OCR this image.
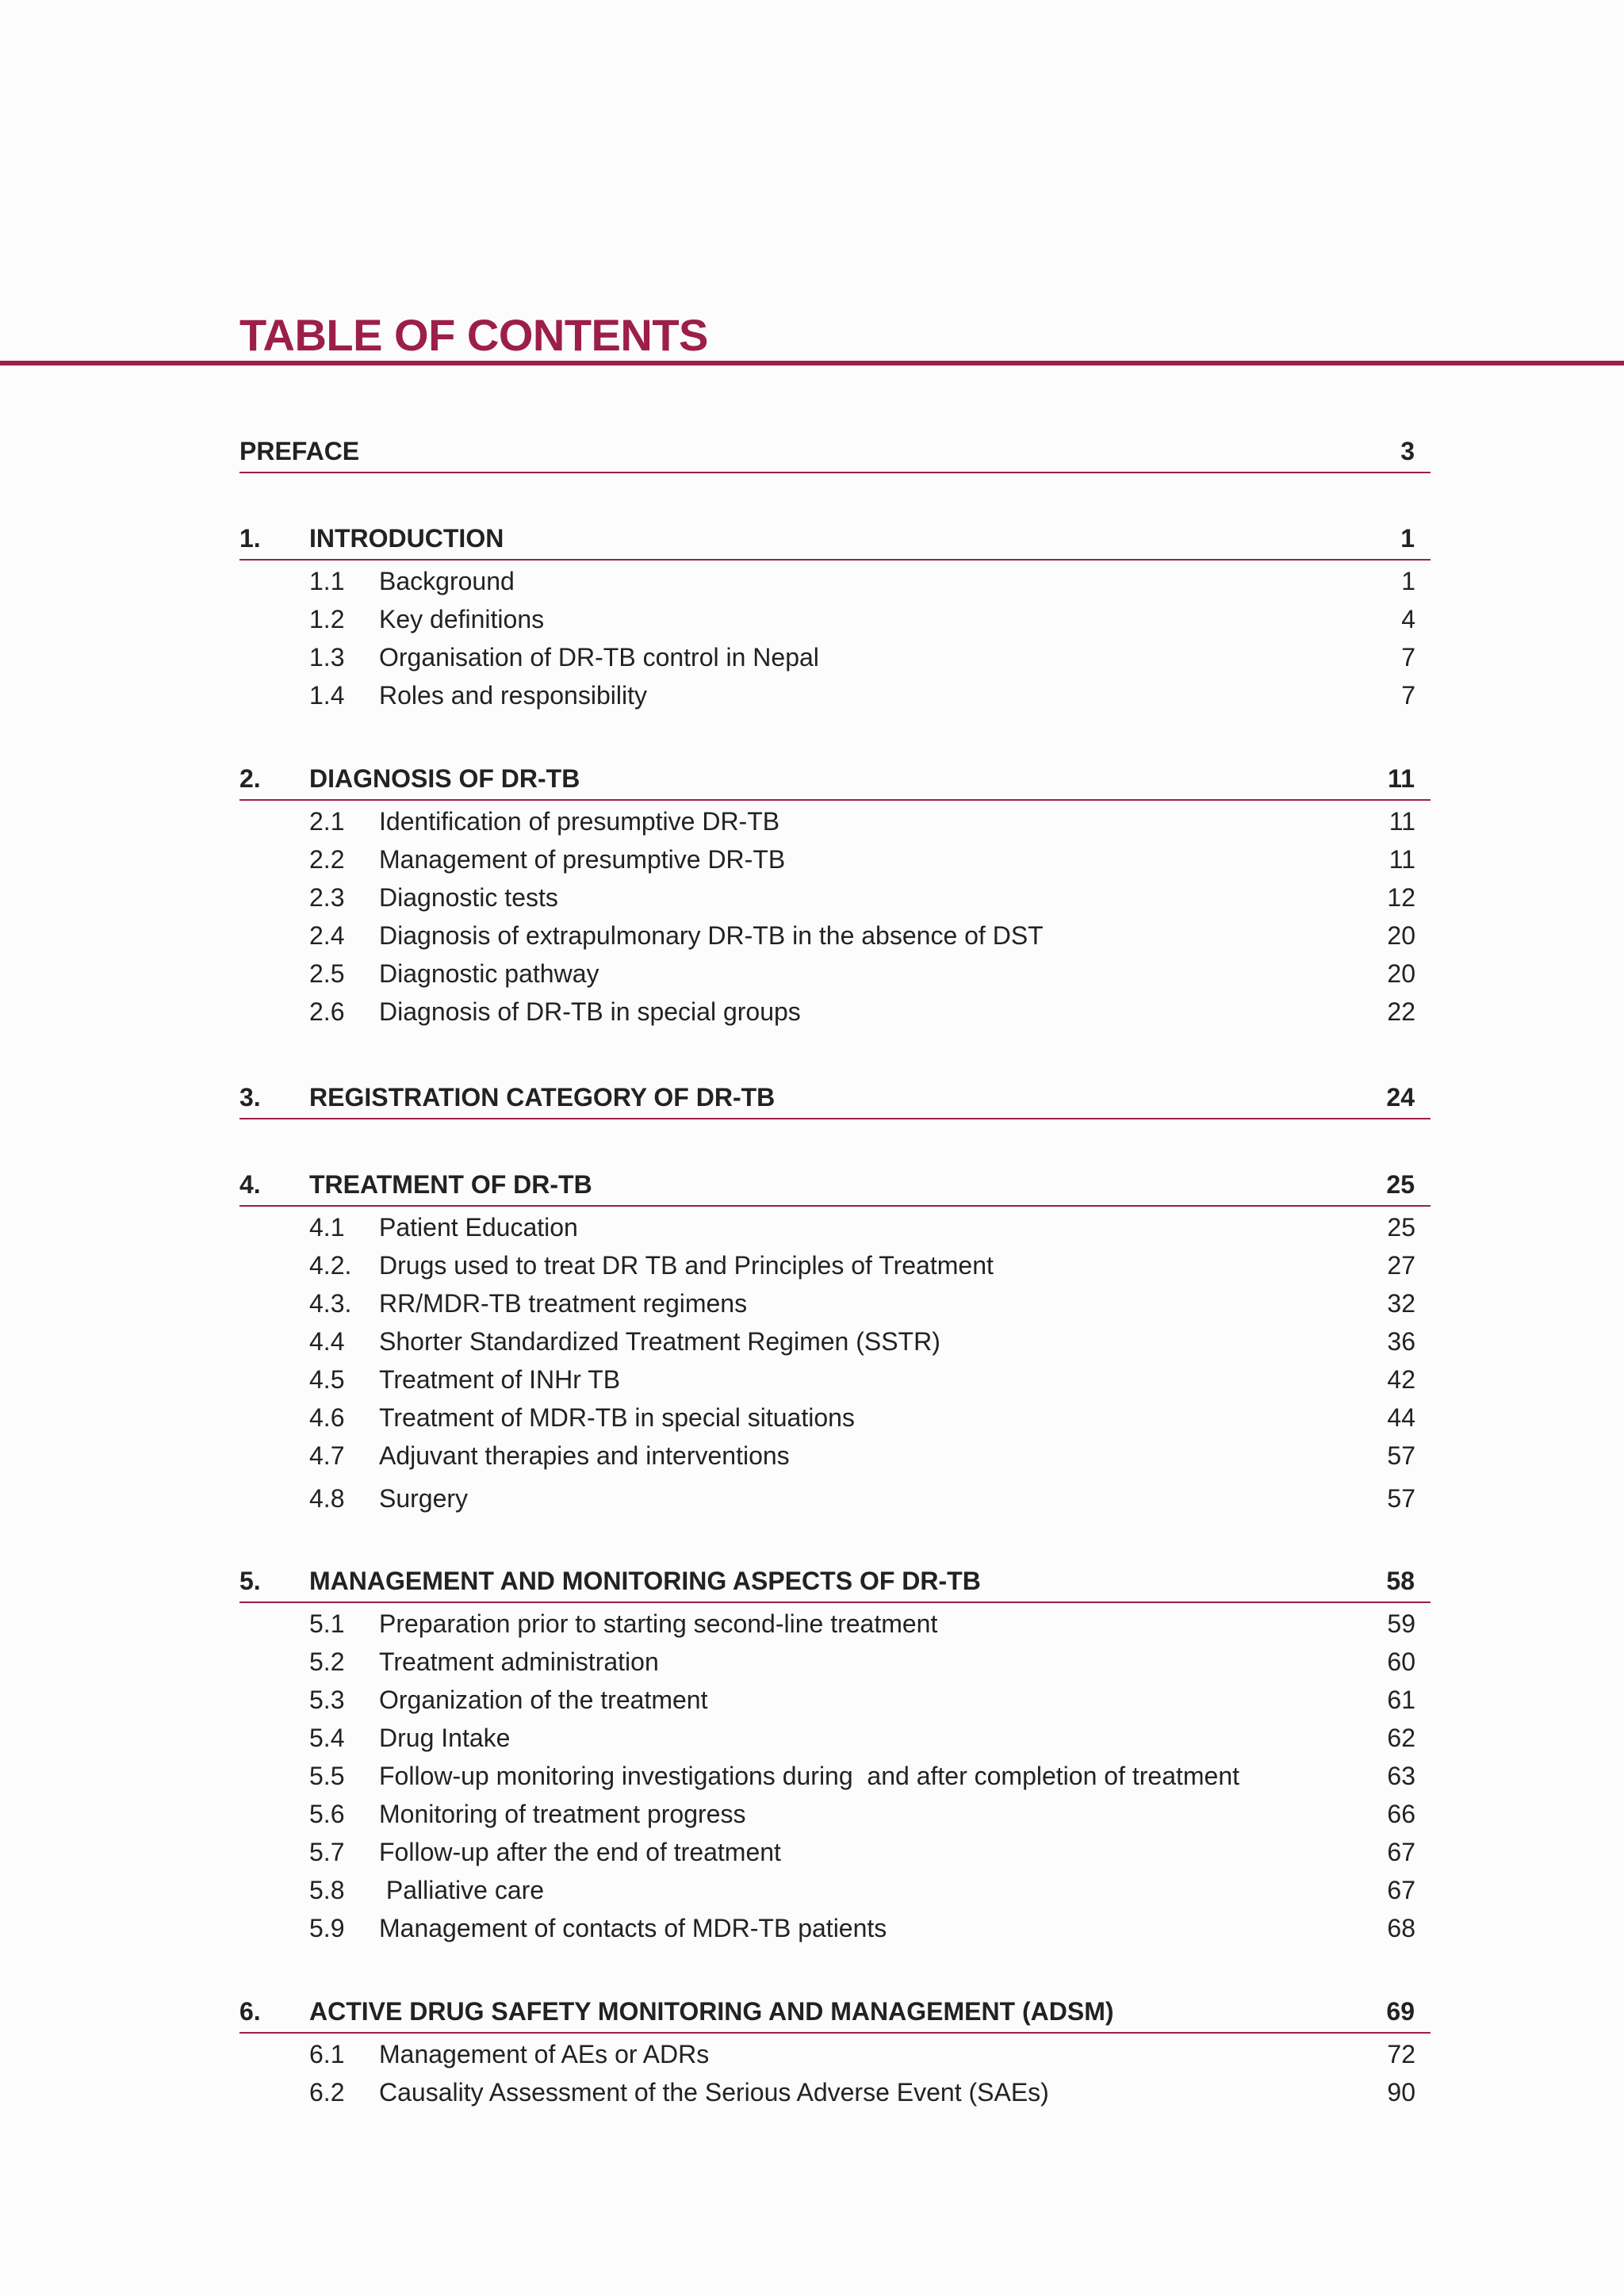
TABLE OF CONTENTS
PREFACE	3
1. INTRODUCTION	1
1.1 Background	1
1.2 Key definitions	4
1.3 Organisation of DR-TB control in Nepal	7
1.4 Roles and responsibility	7
2. DIAGNOSIS OF DR-TB	11
2.1 Identification of presumptive DR-TB	11
2.2 Management of presumptive DR-TB	11
2.3 Diagnostic tests	12
2.4 Diagnosis of extrapulmonary DR-TB in the absence of DST	20
2.5 Diagnostic pathway	20
2.6 Diagnosis of DR-TB in special groups	22
3. REGISTRATION CATEGORY OF DR-TB	24
4. TREATMENT OF DR-TB	25
4.1 Patient Education	25
4.2. Drugs used to treat DR TB and Principles of Treatment	27
4.3. RR/MDR-TB treatment regimens	32
4.4 Shorter Standardized Treatment Regimen (SSTR)	36
4.5 Treatment of INHr TB	42
4.6 Treatment of MDR-TB in special situations	44
4.7 Adjuvant therapies and interventions	57
4.8 Surgery	57
5. MANAGEMENT AND MONITORING ASPECTS OF DR-TB	58
5.1 Preparation prior to starting second-line treatment	59
5.2 Treatment administration	60
5.3 Organization of the treatment	61
5.4 Drug Intake	62
5.5 Follow-up monitoring investigations during  and after completion of treatment	63
5.6 Monitoring of treatment progress	66
5.7 Follow-up after the end of treatment	67
5.8 Palliative care	67
5.9 Management of contacts of MDR-TB patients	68
6. ACTIVE DRUG SAFETY MONITORING AND MANAGEMENT (ADSM)	69
6.1 Management of AEs or ADRs	72
6.2 Causality Assessment of the Serious Adverse Event (SAEs)	90
